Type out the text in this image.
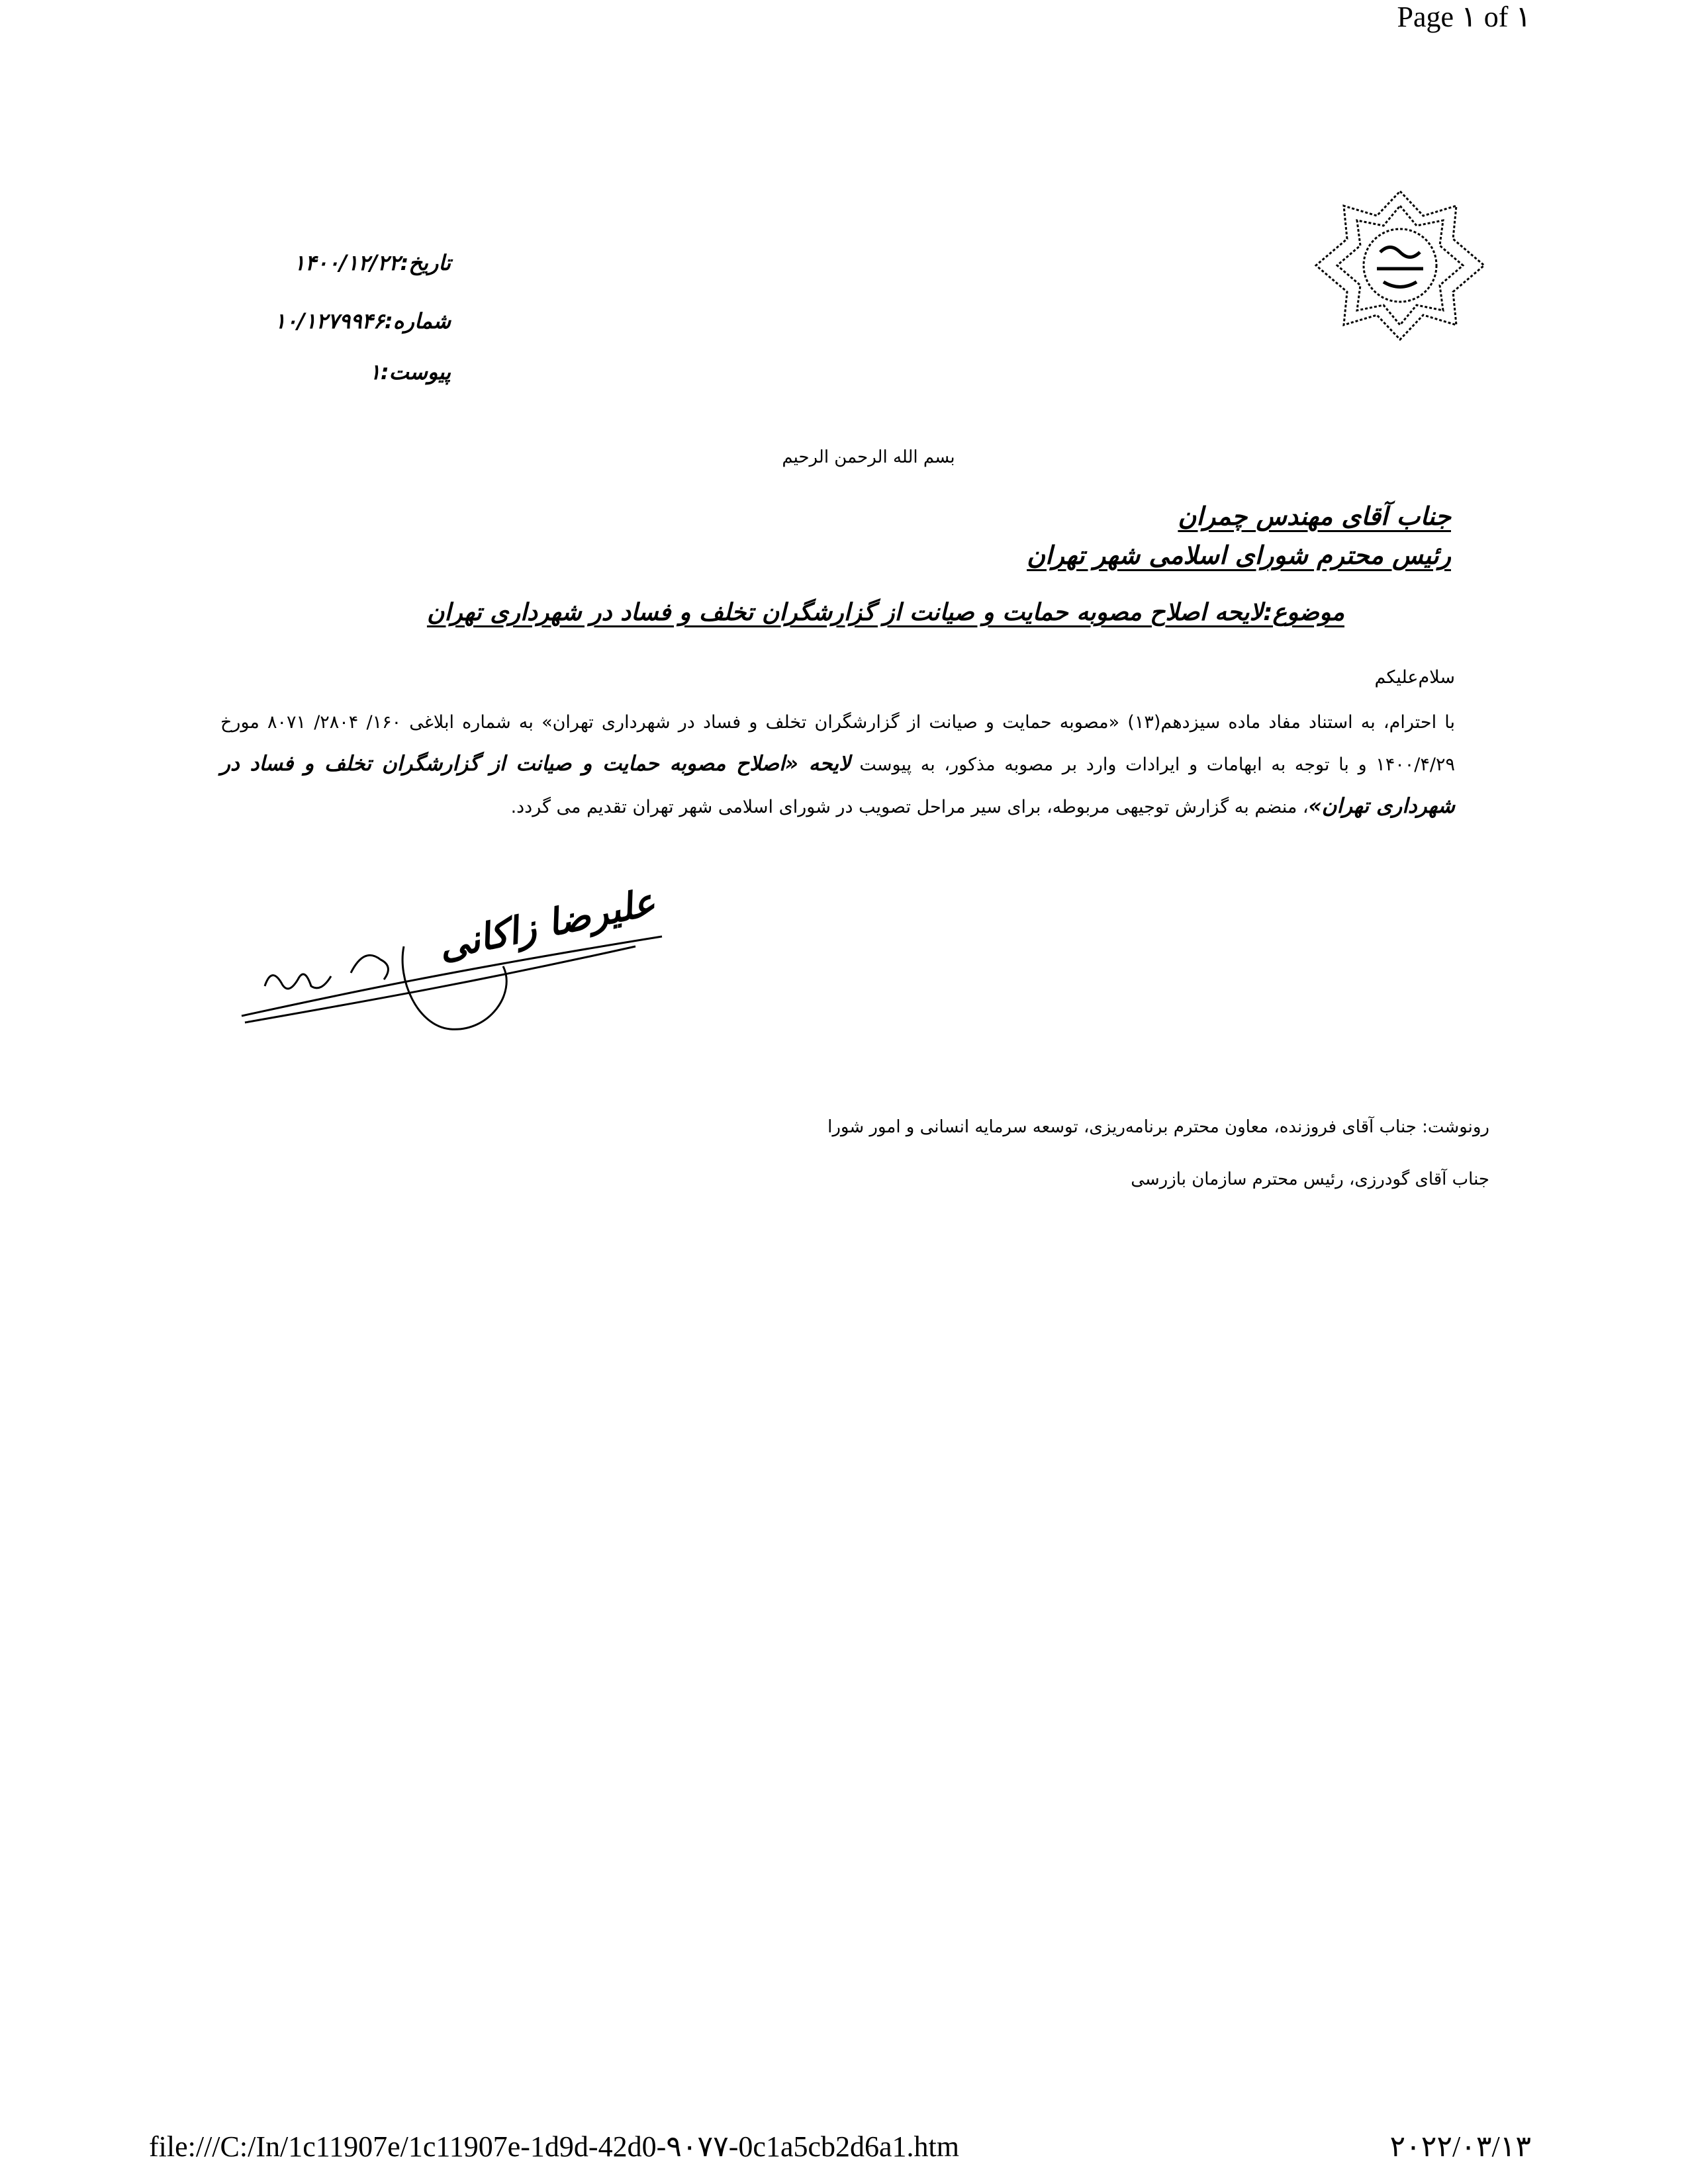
Page ۱ of ۱
تاریخ:۱۴۰۰/۱۲/۲۲
شماره:۱۰/۱۲۷۹۹۴۶
پیوست:۱
بسم الله الرحمن الرحیم
جناب آقای مهندس چمران
رئیس محترم شورای اسلامی شهر تهران
موضوع:لایحه اصلاح مصوبه حمایت و صیانت از گزارشگران تخلف و فساد در شهرداری تهران
سلام‌علیکم
با احترام، به استناد مفاد ماده سیزدهم(۱۳) «مصوبه حمایت و صیانت از گزارشگران تخلف و فساد در شهرداری تهران» به شماره ابلاغی ۱۶۰/ ۲۸۰۴/ ۸۰۷۱ مورخ ۱۴۰۰/۴/۲۹ و با توجه به ابهامات و ایرادات وارد بر مصوبه مذکور، به پیوست لایحه «اصلاح مصوبه حمایت و صیانت از گزارشگران تخلف و فساد در شهرداری تهران»، منضم به گزارش توجیهی مربوطه، برای سیر مراحل تصویب در شورای اسلامی شهر تهران تقدیم می گردد.
علیرضا زاکانی
رونوشت: جناب آقای فروزنده، معاون محترم برنامه‌ریزی، توسعه سرمایه انسانی و امور شورا
جناب آقای گودرزی، رئیس محترم سازمان بازرسی
file:///C:/In/1c11907e/1c11907e-1d9d-42d0-۹۰۷۷-0c1a5cb2d6a1.htm	۲۰۲۲/۰۳/۱۳
